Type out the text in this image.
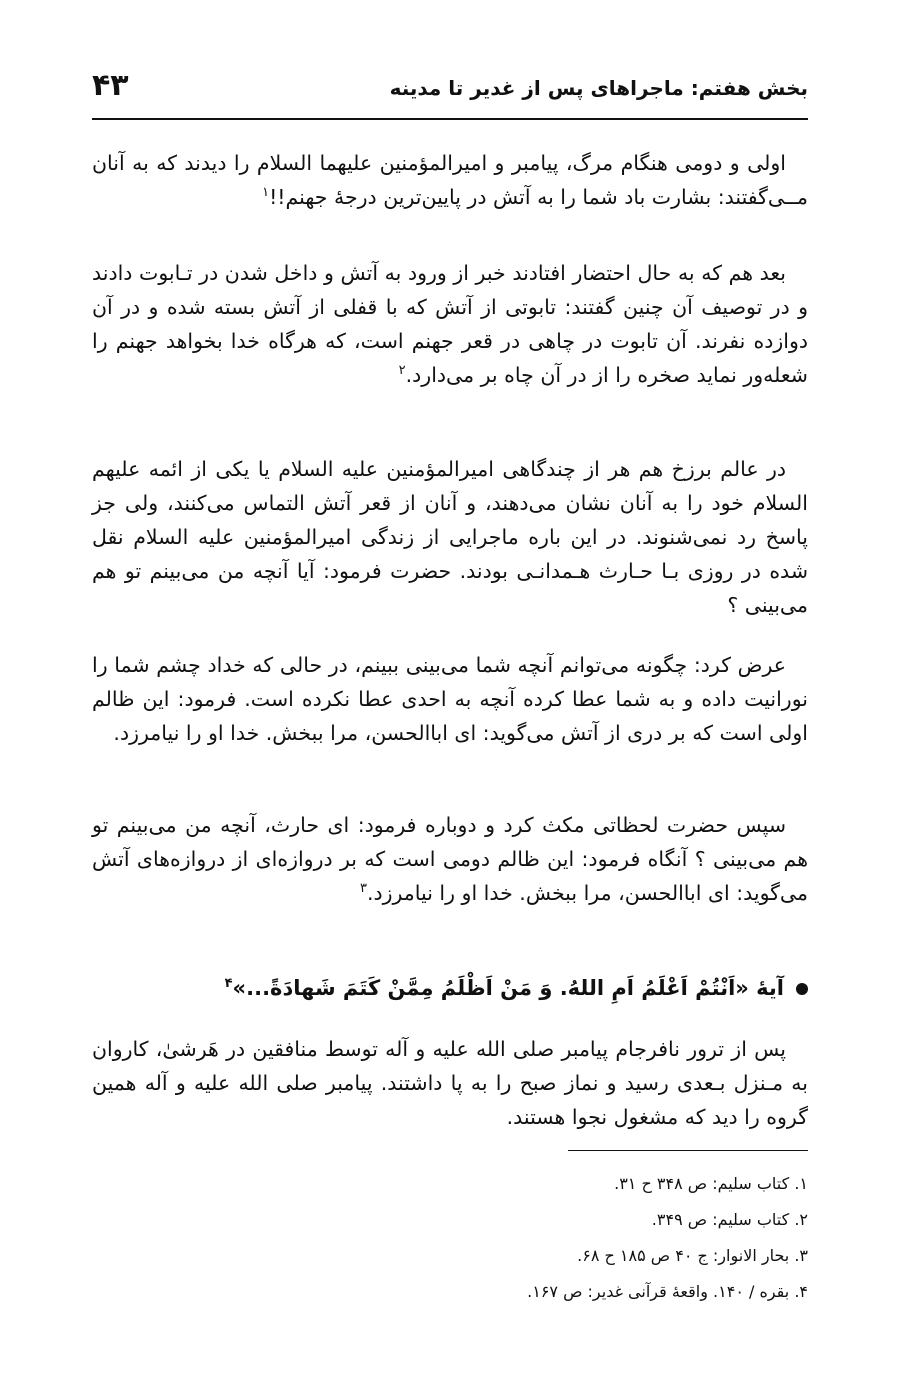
بخش هفتم: ماجراهای پس از غدیر تا مدینه
۴۳

اولی و دومی هنگام مرگ، پیامبر و امیرالمؤمنین علیهما السلام را دیدند که به آنان مــی‌گفتند: بشارت باد شما را به آتش در پایین‌ترین درجهٔ جهنم!!$^۱$

بعد هم که به حال احتضار افتادند خبر از ورود به آتش و داخل شدن در تـابوت دادند و در توصیف آن چنین گفتند: تابوتی از آتش که با قفلی از آتش بسته شده و در آن دوازده نفرند. آن تابوت در چاهی در قعر جهنم است، که هرگاه خدا بخواهد جهنم را شعله‌ور نماید صخره را از در آن چاه بر می‌دارد.$^۲$

در عالم برزخ هم هر از چندگاهی امیرالمؤمنین علیه السلام یا یکی از ائمه علیهم السلام خود را به آنان نشان می‌دهند، و آنان از قعر آتش التماس می‌کنند، ولی جز پاسخ رد نمی‌شنوند. در این باره ماجرایی از زندگی امیرالمؤمنین علیه السلام نقل شده در روزی بـا حـارث هـمدانـی بودند. حضرت فرمود: آیا آنچه من می‌بینم تو هم می‌بینی ؟

عرض کرد: چگونه می‌توانم آنچه شما می‌بینی ببینم، در حالی که خداد چشم شما را نورانیت داده و به شما عطا کرده آنچه به احدی عطا نکرده است. فرمود: این ظالم اولی است که بر دری از آتش می‌گوید: ای اباالحسن، مرا ببخش. خدا او را نیامرزد.

سپس حضرت لحظاتی مکث کرد و دوباره فرمود: ای حارث، آنچه من می‌بینم تو هم می‌بینی ؟ آنگاه فرمود: این ظالم دومی است که بر دروازه‌ای از دروازه‌های آتش می‌گوید: ای اباالحسن، مرا ببخش. خدا او را نیامرزد.$^۳$

آیهٔ «اَنْتُمْ اَعْلَمُ اَمِ اللهُ. وَ مَنْ اَظْلَمُ مِمَّنْ کَتَمَ شَهادَةً...»$^۴$

پس از ترور نافرجام پیامبر صلی الله علیه و آله توسط منافقین در هَرشیٰ، کاروان به مـنزل بـعدی رسید و نماز صبح را به پا داشتند. پیامبر صلی الله علیه و آله همین گروه را دید که مشغول نجوا هستند.

۱. کتاب سلیم: ص ۳۴۸ ح ۳۱.
۲. کتاب سلیم: ص ۳۴۹.
۳. بحار الانوار: ج ۴۰ ص ۱۸۵ ح ۶۸.
۴. بقره / ۱۴۰. واقعهٔ قرآنی غدیر: ص ۱۶۷.
